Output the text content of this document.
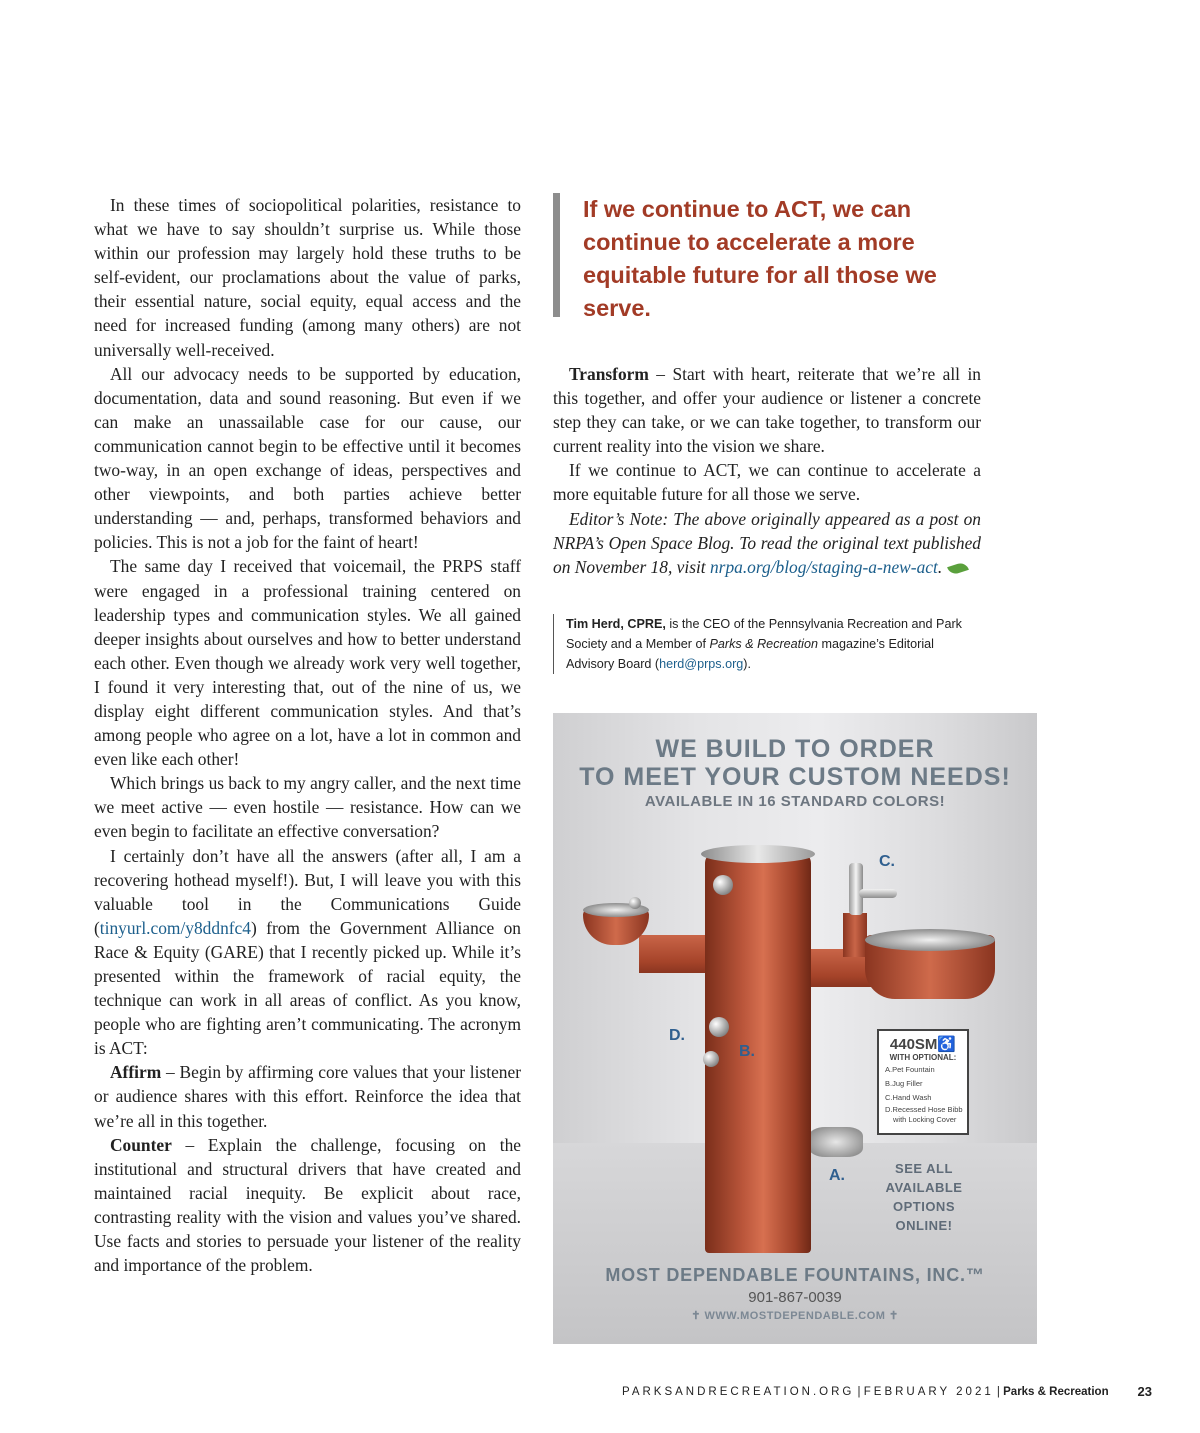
In these times of sociopolitical polarities, resistance to what we have to say shouldn’t surprise us. While those within our profession may largely hold these truths to be self-evident, our proclamations about the value of parks, their essential nature, social equity, equal access and the need for increased funding (among many others) are not universally well-received.

All our advocacy needs to be supported by education, documentation, data and sound reasoning. But even if we can make an unassailable case for our cause, our communication cannot begin to be effective until it becomes two-way, in an open exchange of ideas, perspectives and other viewpoints, and both parties achieve better understanding — and, perhaps, transformed behaviors and policies. This is not a job for the faint of heart!

The same day I received that voicemail, the PRPS staff were engaged in a professional training centered on leadership types and communication styles. We all gained deeper insights about ourselves and how to better understand each other. Even though we already work very well together, I found it very interesting that, out of the nine of us, we display eight different communication styles. And that’s among people who agree on a lot, have a lot in common and even like each other!

Which brings us back to my angry caller, and the next time we meet active — even hostile — resistance. How can we even begin to facilitate an effective conversation?

I certainly don’t have all the answers (after all, I am a recovering hothead myself!). But, I will leave you with this valuable tool in the Communications Guide (tinyurl.com/y8ddnfc4) from the Government Alliance on Race & Equity (GARE) that I recently picked up. While it’s presented within the framework of racial equity, the technique can work in all areas of conflict. As you know, people who are fighting aren’t communicating. The acronym is ACT:

Affirm – Begin by affirming core values that your listener or audience shares with this effort. Reinforce the idea that we’re all in this together.

Counter – Explain the challenge, focusing on the institutional and structural drivers that have created and maintained racial inequity. Be explicit about race, contrasting reality with the vision and values you’ve shared. Use facts and stories to persuade your listener of the reality and importance of the problem.

If we continue to ACT, we can continue to accelerate a more equitable future for all those we serve.

Transform – Start with heart, reiterate that we’re all in this together, and offer your audience or listener a concrete step they can take, or we can take together, to transform our current reality into the vision we share.

If we continue to ACT, we can continue to accelerate a more equitable future for all those we serve.

Editor’s Note: The above originally appeared as a post on NRPA’s Open Space Blog. To read the original text published on November 18, visit nrpa.org/blog/staging-a-new-act.

Tim Herd, CPRE, is the CEO of the Pennsylvania Recreation and Park Society and a Member of Parks & Recreation magazine’s Editorial Advisory Board (herd@prps.org).
WE BUILD TO ORDER
TO MEET YOUR CUSTOM NEEDS!
AVAILABLE IN 16 STANDARD COLORS!
C.
D.
B.
A.
440SM♿
WITH OPTIONAL:
A.Pet Fountain
B.Jug Filler
C.Hand Wash
D.Recessed Hose Bibb
with Locking Cover
SEE ALL AVAILABLE OPTIONS ONLINE!
MOST DEPENDABLE FOUNTAINS, INC.™
901-867-0039
✝ WWW.MOSTDEPENDABLE.COM ✝
PARKSANDRECREATION.ORG | FEBRUARY 2021 | Parks & Recreation 23
